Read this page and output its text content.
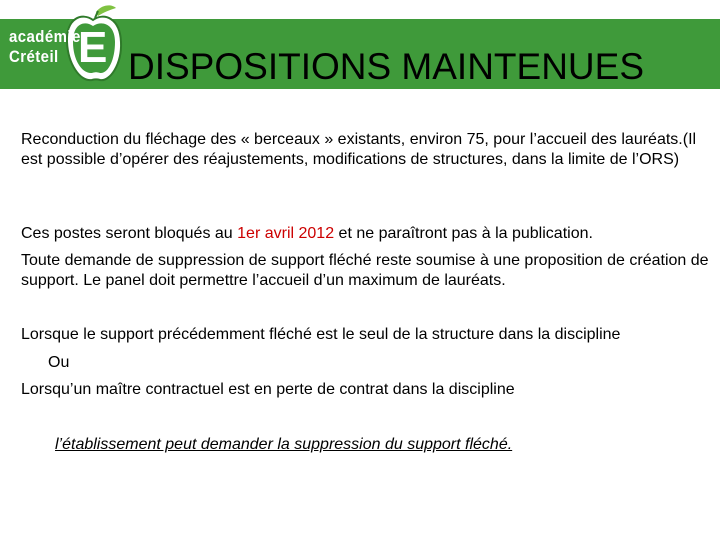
académie
Créteil E DISPOSITIONS MAINTENUES

Reconduction du fléchage des « berceaux » existants, environ 75, pour l’accueil des lauréats.(Il est possible d’opérer des réajustements, modifications de structures, dans la limite de l’ORS)

Ces postes seront bloqués au 1er avril 2012 et ne paraîtront pas à la publication.

Toute demande de suppression de support fléché reste soumise à une proposition de création de support. Le panel doit permettre l’accueil d’un maximum de lauréats.

Lorsque le support précédemment fléché est le seul de la structure dans la discipline

Ou

Lorsqu’un maître contractuel est en perte de contrat dans la discipline

l’établissement peut demander la suppression du support fléché.
